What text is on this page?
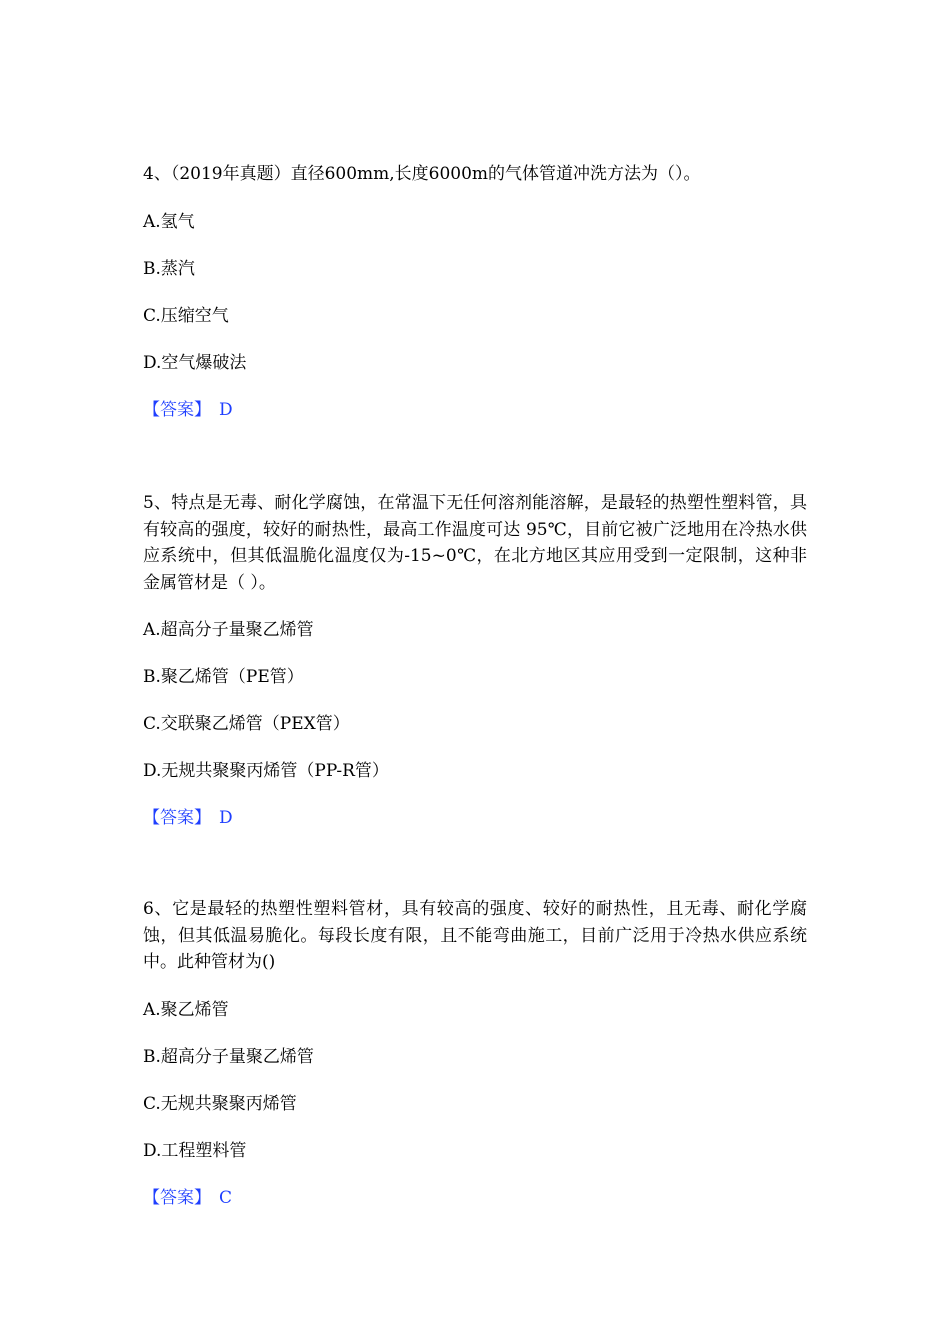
4、（2019年真题）直径600mm,长度6000m的气体管道冲洗方法为（）。

A.氢气

B.蒸汽

C.压缩空气

D.空气爆破法

【答案】 D

5、特点是无毒、耐化学腐蚀，在常温下无任何溶剂能溶解，是最轻的热塑性塑料管，具有较高的强度，较好的耐热性，最高工作温度可达 95℃，目前它被广泛地用在冷热水供应系统中，但其低温脆化温度仅为-15~0℃，在北方地区其应用受到一定限制，这种非金属管材是（ ）。

A.超高分子量聚乙烯管

B.聚乙烯管（PE管）

C.交联聚乙烯管（PEX管）

D.无规共聚聚丙烯管（PP-R管）

【答案】 D

6、它是最轻的热塑性塑料管材，具有较高的强度、较好的耐热性，且无毒、耐化学腐蚀，但其低温易脆化。每段长度有限，且不能弯曲施工，目前广泛用于冷热水供应系统中。此种管材为()

A.聚乙烯管

B.超高分子量聚乙烯管

C.无规共聚聚丙烯管

D.工程塑料管

【答案】 C
